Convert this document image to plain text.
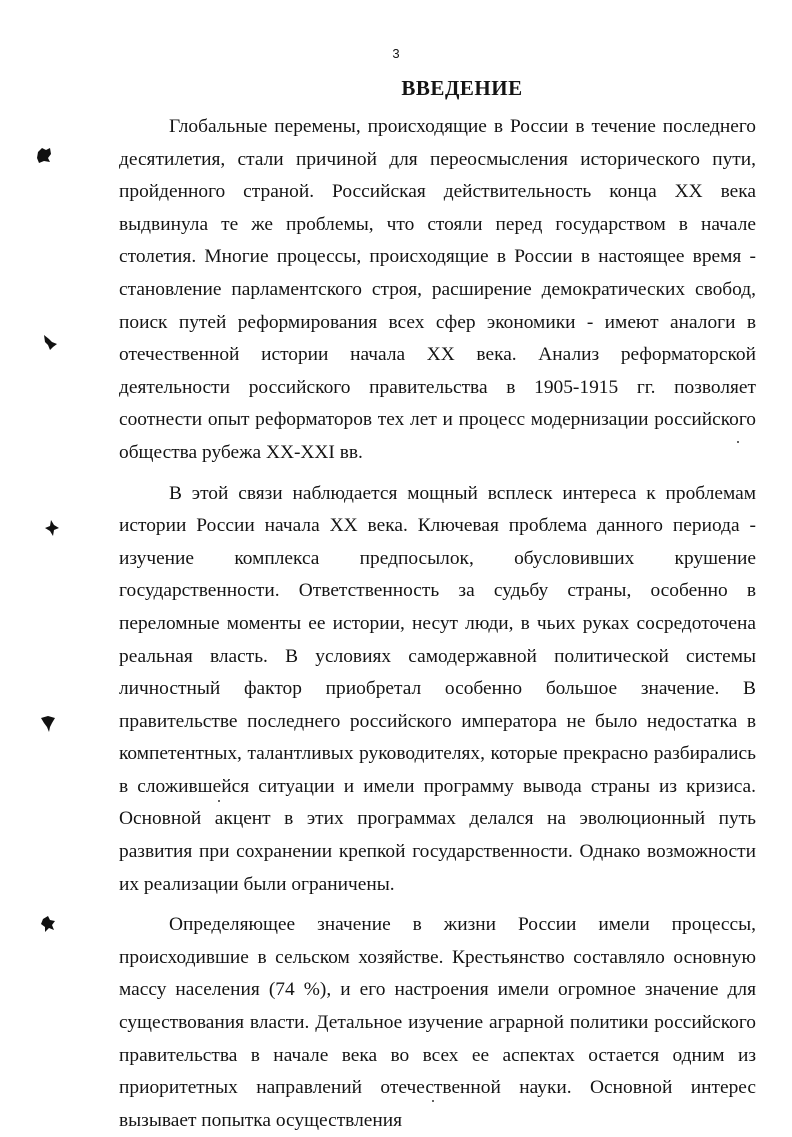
3
ВВЕДЕНИЕ

Глобальные перемены, происходящие в России в течение последнего десятилетия, стали причиной для переосмысления исторического пути, пройденного страной. Российская действительность конца XX века выдвинула те же проблемы, что стояли перед государством в начале столетия. Многие процессы, происходящие в России в настоящее время - становление парламентского строя, расширение демократических свобод, поиск путей реформирования всех сфер экономики - имеют аналоги в отечественной истории начала XX века. Анализ реформаторской деятельности российского правительства в 1905-1915 гг. позволяет соотнести опыт реформаторов тех лет и процесс модернизации российского общества рубежа XX-XXI вв.

В этой связи наблюдается мощный всплеск интереса к проблемам истории России начала XX века. Ключевая проблема данного периода - изучение комплекса предпосылок, обусловивших крушение государственности. Ответственность за судьбу страны, особенно в переломные моменты ее истории, несут люди, в чьих руках сосредоточена реальная власть. В условиях самодержавной политической системы личностный фактор приобретал особенно большое значение. В правительстве последнего российского императора не было недостатка в компетентных, талантливых руководителях, которые прекрасно разбирались в сложившейся ситуации и имели программу вывода страны из кризиса. Основной акцент в этих программах делался на эволюционный путь развития при сохранении крепкой государственности. Однако возможности их реализации были ограничены.

Определяющее значение в жизни России имели процессы, происходившие в сельском хозяйстве. Крестьянство составляло основную массу населения (74 %), и его настроения имели огромное значение для существования власти. Детальное изучение аграрной политики российского правительства в начале века во всех ее аспектах остается одним из приоритетных направлений отечественной науки. Основной интерес вызывает попытка осуществления
